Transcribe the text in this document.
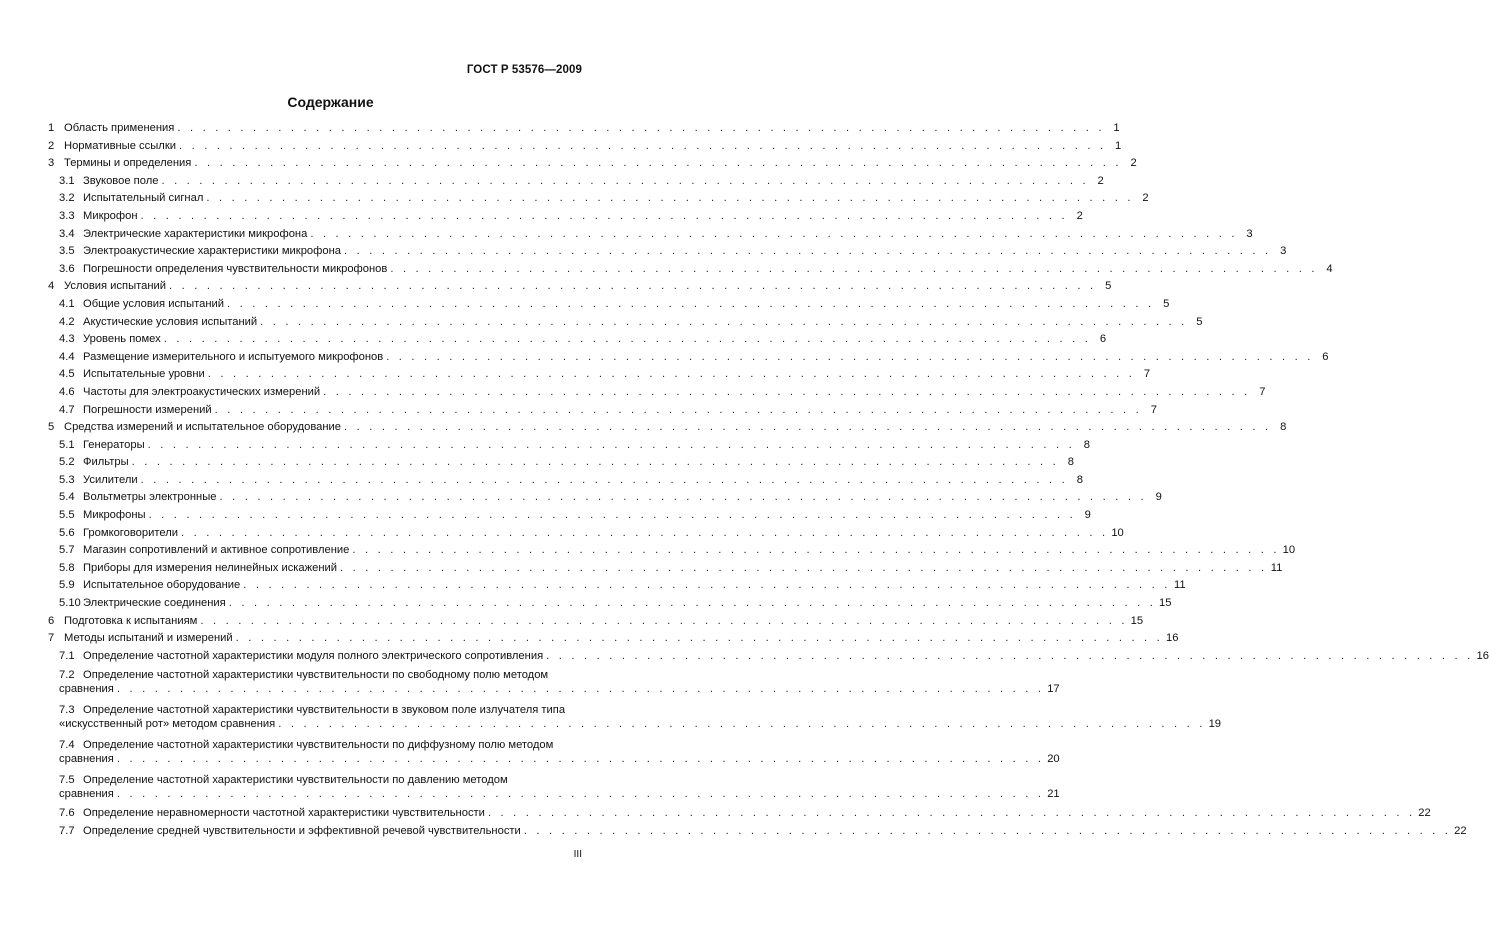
ГОСТ Р 53576—2009
Содержание
1 Область применения . . . . . . . . . . . . . . . . . . . . . . . . . . . . . . . . . . . . . . . . . . . . . . . . . . . . . . . . . . . . . . . . . . . . . . . . . . 1
2 Нормативные ссылки . . . . . . . . . . . . . . . . . . . . . . . . . . . . . . . . . . . . . . . . . . . . . . . . . . . . . . . . . . . . . . . . . . . . . . . . . . 1
3 Термины и определения . . . . . . . . . . . . . . . . . . . . . . . . . . . . . . . . . . . . . . . . . . . . . . . . . . . . . . . . . . . . . . . . . . . . . . . . . . 2
3.1 Звуковое поле . . . . . . . . . . . . . . . . . . . . . . . . . . . . . . . . . . . . . . . . . . . . . . . . . . . . . . . . . . . . . . . . . . . . . . . . . . 2
3.2 Испытательный сигнал . . . . . . . . . . . . . . . . . . . . . . . . . . . . . . . . . . . . . . . . . . . . . . . . . . . . . . . . . . . . . . . . . . . . . . . . . . 2
3.3 Микрофон . . . . . . . . . . . . . . . . . . . . . . . . . . . . . . . . . . . . . . . . . . . . . . . . . . . . . . . . . . . . . . . . . . . . . . . . . . 2
3.4 Электрические характеристики микрофона . . . . . . . . . . . . . . . . . . . . . . . . . . . . . . . . . . . . . . . . . . . . . . . . . . . . . . . . . . . . . . . . . . . . . . . . . . 3
3.5 Электроакустические характеристики микрофона . . . . . . . . . . . . . . . . . . . . . . . . . . . . . . . . . . . . . . . . . . . . . . . . . . . . . . . . . . . . . . . . . . . . . . . . . . 3
3.6 Погрешности определения чувствительности микрофонов . . . . . . . . . . . . . . . . . . . . . . . . . . . . . . . . . . . . . . . . . . . . . . . . . . . . . . . . . . . . . . . . . . . . . . . . . . 4
4 Условия испытаний . . . . . . . . . . . . . . . . . . . . . . . . . . . . . . . . . . . . . . . . . . . . . . . . . . . . . . . . . . . . . . . . . . . . . . . . . . 5
4.1 Общие условия испытаний . . . . . . . . . . . . . . . . . . . . . . . . . . . . . . . . . . . . . . . . . . . . . . . . . . . . . . . . . . . . . . . . . . . . . . . . . . 5
4.2 Акустические условия испытаний . . . . . . . . . . . . . . . . . . . . . . . . . . . . . . . . . . . . . . . . . . . . . . . . . . . . . . . . . . . . . . . . . . . . . . . . . . 5
4.3 Уровень помех . . . . . . . . . . . . . . . . . . . . . . . . . . . . . . . . . . . . . . . . . . . . . . . . . . . . . . . . . . . . . . . . . . . . . . . . . . 6
4.4 Размещение измерительного и испытуемого микрофонов . . . . . . . . . . . . . . . . . . . . . . . . . . . . . . . . . . . . . . . . . . . . . . . . . . . . . . . . . . . . . . . . . . . . . . . . . . 6
4.5 Испытательные уровни . . . . . . . . . . . . . . . . . . . . . . . . . . . . . . . . . . . . . . . . . . . . . . . . . . . . . . . . . . . . . . . . . . . . . . . . . . 7
4.6 Частоты для электроакустических измерений . . . . . . . . . . . . . . . . . . . . . . . . . . . . . . . . . . . . . . . . . . . . . . . . . . . . . . . . . . . . . . . . . . . . . . . . . . 7
4.7 Погрешности измерений . . . . . . . . . . . . . . . . . . . . . . . . . . . . . . . . . . . . . . . . . . . . . . . . . . . . . . . . . . . . . . . . . . . . . . . . . . 7
5 Средства измерений и испытательное оборудование . . . . . . . . . . . . . . . . . . . . . . . . . . . . . . . . . . . . . . . . . . . . . . . . . . . . . . . . . . . . . . . . . . . . . . . . . . 8
5.1 Генераторы . . . . . . . . . . . . . . . . . . . . . . . . . . . . . . . . . . . . . . . . . . . . . . . . . . . . . . . . . . . . . . . . . . . . . . . . . . 8
5.2 Фильтры . . . . . . . . . . . . . . . . . . . . . . . . . . . . . . . . . . . . . . . . . . . . . . . . . . . . . . . . . . . . . . . . . . . . . . . . . . 8
5.3 Усилители . . . . . . . . . . . . . . . . . . . . . . . . . . . . . . . . . . . . . . . . . . . . . . . . . . . . . . . . . . . . . . . . . . . . . . . . . . 8
5.4 Вольтметры электронные . . . . . . . . . . . . . . . . . . . . . . . . . . . . . . . . . . . . . . . . . . . . . . . . . . . . . . . . . . . . . . . . . . . . . . . . . . 9
5.5 Микрофоны . . . . . . . . . . . . . . . . . . . . . . . . . . . . . . . . . . . . . . . . . . . . . . . . . . . . . . . . . . . . . . . . . . . . . . . . . . 9
5.6 Громкоговорители . . . . . . . . . . . . . . . . . . . . . . . . . . . . . . . . . . . . . . . . . . . . . . . . . . . . . . . . . . . . . . . . . . . . . . . . . . 10
5.7 Магазин сопротивлений и активное сопротивление . . . . . . . . . . . . . . . . . . . . . . . . . . . . . . . . . . . . . . . . . . . . . . . . . . . . . . . . . . . . . . . . . . . . . . . . . . 10
5.8 Приборы для измерения нелинейных искажений . . . . . . . . . . . . . . . . . . . . . . . . . . . . . . . . . . . . . . . . . . . . . . . . . . . . . . . . . . . . . . . . . . . . . . . . . . 11
5.9 Испытательное оборудование . . . . . . . . . . . . . . . . . . . . . . . . . . . . . . . . . . . . . . . . . . . . . . . . . . . . . . . . . . . . . . . . . . . . . . . . . . 11
5.10 Электрические соединения . . . . . . . . . . . . . . . . . . . . . . . . . . . . . . . . . . . . . . . . . . . . . . . . . . . . . . . . . . . . . . . . . . . . . . . . . . 15
6 Подготовка к испытаниям . . . . . . . . . . . . . . . . . . . . . . . . . . . . . . . . . . . . . . . . . . . . . . . . . . . . . . . . . . . . . . . . . . . . . . . . . . 15
7 Методы испытаний и измерений . . . . . . . . . . . . . . . . . . . . . . . . . . . . . . . . . . . . . . . . . . . . . . . . . . . . . . . . . . . . . . . . . . . . . . . . . . 16
7.1 Определение частотной характеристики модуля полного электрического сопротивления . . . . . . . . . . . . . . . . . . . . . . . . . . . . . . . . . . . . . . . . . . . . . . . . . . . . . . . . . . . . . . . . . . . . . . . . . . 16
7.2 Определение частотной характеристики чувствительности по свободному полю методом
сравнения . . . . . . . . . . . . . . . . . . . . . . . . . . . . . . . . . . . . . . . . . . . . . . . . . . . . . . . . . . . . . . . . . . . . . . . . . . 17
7.3 Определение частотной характеристики чувствительности в звуковом поле излучателя типа
«искусственный рот» методом сравнения . . . . . . . . . . . . . . . . . . . . . . . . . . . . . . . . . . . . . . . . . . . . . . . . . . . . . . . . . . . . . . . . . . . . . . . . . . 19
7.4 Определение частотной характеристики чувствительности по диффузному полю методом
сравнения . . . . . . . . . . . . . . . . . . . . . . . . . . . . . . . . . . . . . . . . . . . . . . . . . . . . . . . . . . . . . . . . . . . . . . . . . . 20
7.5 Определение частотной характеристики чувствительности по давлению методом
сравнения . . . . . . . . . . . . . . . . . . . . . . . . . . . . . . . . . . . . . . . . . . . . . . . . . . . . . . . . . . . . . . . . . . . . . . . . . . 21
7.6 Определение неравномерности частотной характеристики чувствительности . . . . . . . . . . . . . . . . . . . . . . . . . . . . . . . . . . . . . . . . . . . . . . . . . . . . . . . . . . . . . . . . . . . . . . . . . . 22
7.7 Определение средней чувствительности и эффективной речевой чувствительности . . . . . . . . . . . . . . . . . . . . . . . . . . . . . . . . . . . . . . . . . . . . . . . . . . . . . . . . . . . . . . . . . . . . . . . . . . 22
III
